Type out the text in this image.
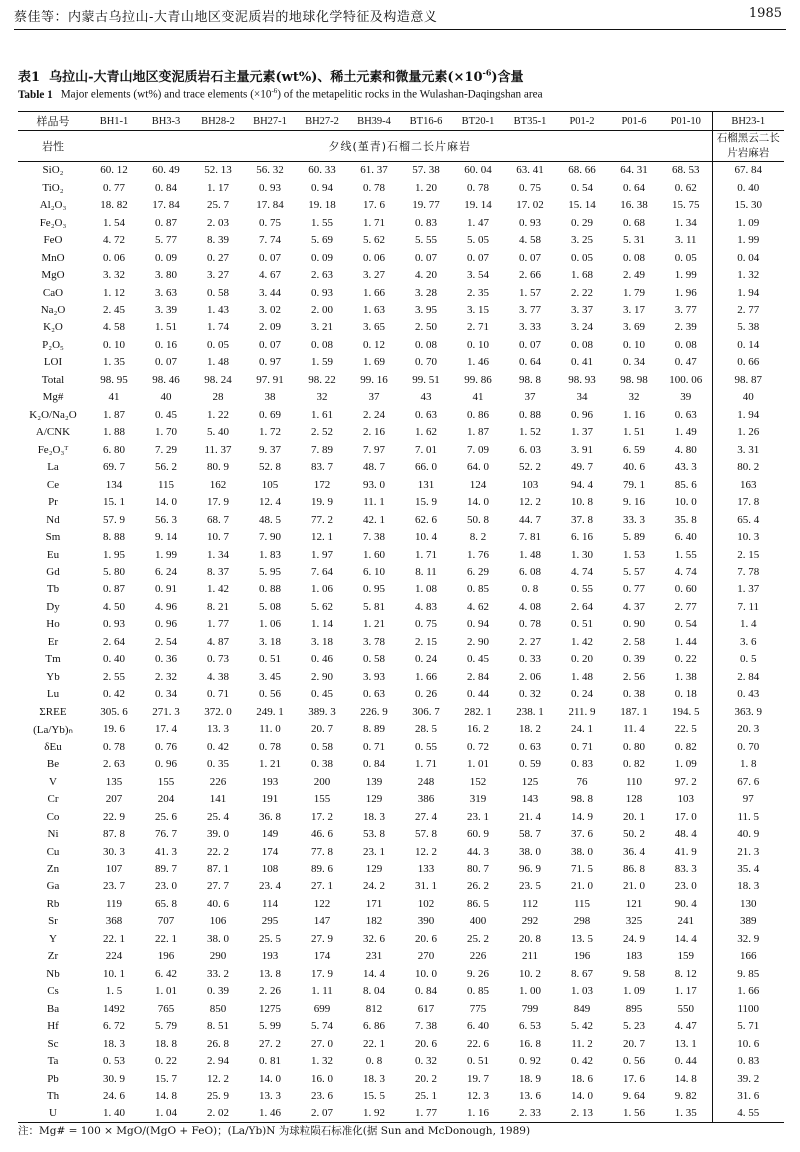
蔡佳等：内蒙古乌拉山-大青山地区变泥质岩的地球化学特征及构造意义	1985
表1 乌拉山-大青山地区变泥质岩石主量元素(wt%)、稀土元素和微量元素$(\times 10^{-6})$含量
Table 1 Major elements (wt%) and trace elements $(\times 10^{-6})$ of the metapelitic rocks in the Wulashan-Daqingshan area
样品号	BH1-1	BH3-3	BH28-2	BH27-1	BH27-2	BH39-4	BT16-6	BT20-1	BT35-1	P01-2	P01-6	P01-10	BH23-1
岩性	夕线(堇青)石榴二长片麻岩												石榴黑云二长片岩麻岩
SiO₂	60. 12	60. 49	52. 13	56. 32	60. 33	61. 37	57. 38	60. 04	63. 41	68. 66	64. 31	68. 53	67. 84
TiO₂	0. 77	0. 84	1. 17	0. 93	0. 94	0. 78	1. 20	0. 78	0. 75	0. 54	0. 64	0. 62	0. 40
Al₂O₃	18. 82	17. 84	25. 7	17. 84	19. 18	17. 6	19. 77	19. 14	17. 02	15. 14	16. 38	15. 75	15. 30
Fe₂O₃	1. 54	0. 87	2. 03	0. 75	1. 55	1. 71	0. 83	1. 47	0. 93	0. 29	0. 68	1. 34	1. 09
FeO	4. 72	5. 77	8. 39	7. 74	5. 69	5. 62	5. 55	5. 05	4. 58	3. 25	5. 31	3. 11	1. 99
MnO	0. 06	0. 09	0. 27	0. 07	0. 09	0. 06	0. 07	0. 07	0. 07	0. 05	0. 08	0. 05	0. 04
MgO	3. 32	3. 80	3. 27	4. 67	2. 63	3. 27	4. 20	3. 54	2. 66	1. 68	2. 49	1. 99	1. 32
CaO	1. 12	3. 63	0. 58	3. 44	0. 93	1. 66	3. 28	2. 35	1. 57	2. 22	1. 79	1. 96	1. 94
Na₂O	2. 45	3. 39	1. 43	3. 02	2. 00	1. 63	3. 95	3. 15	3. 77	3. 37	3. 17	3. 77	2. 77
K₂O	4. 58	1. 51	1. 74	2. 09	3. 21	3. 65	2. 50	2. 71	3. 33	3. 24	3. 69	2. 39	5. 38
P₂O₅	0. 10	0. 16	0. 05	0. 07	0. 08	0. 12	0. 08	0. 10	0. 07	0. 08	0. 10	0. 08	0. 14
LOI	1. 35	0. 07	1. 48	0. 97	1. 59	1. 69	0. 70	1. 46	0. 64	0. 41	0. 34	0. 47	0. 66
Total	98. 95	98. 46	98. 24	97. 91	98. 22	99. 16	99. 51	99. 86	98. 8	98. 93	98. 98	100. 06	98. 87
Mg#	41	40	28	38	32	37	43	41	37	34	32	39	40
K₂O/Na₂O	1. 87	0. 45	1. 22	0. 69	1. 61	2. 24	0. 63	0. 86	0. 88	0. 96	1. 16	0. 63	1. 94
A/CNK	1. 88	1. 70	5. 40	1. 72	2. 52	2. 16	1. 62	1. 87	1. 52	1. 37	1. 51	1. 49	1. 26
Fe₂O₃ᵀ	6. 80	7. 29	11. 37	9. 37	7. 89	7. 97	7. 01	7. 09	6. 03	3. 91	6. 59	4. 80	3. 31
La	69. 7	56. 2	80. 9	52. 8	83. 7	48. 7	66. 0	64. 0	52. 2	49. 7	40. 6	43. 3	80. 2
Ce	134	115	162	105	172	93. 0	131	124	103	94. 4	79. 1	85. 6	163
Pr	15. 1	14. 0	17. 9	12. 4	19. 9	11. 1	15. 9	14. 0	12. 2	10. 8	9. 16	10. 0	17. 8
Nd	57. 9	56. 3	68. 7	48. 5	77. 2	42. 1	62. 6	50. 8	44. 7	37. 8	33. 3	35. 8	65. 4
Sm	8. 88	9. 14	10. 7	7. 90	12. 1	7. 38	10. 4	8. 2	7. 81	6. 16	5. 89	6. 40	10. 3
Eu	1. 95	1. 99	1. 34	1. 83	1. 97	1. 60	1. 71	1. 76	1. 48	1. 30	1. 53	1. 55	2. 15
Gd	5. 80	6. 24	8. 37	5. 95	7. 64	6. 10	8. 11	6. 29	6. 08	4. 74	5. 57	4. 74	7. 78
Tb	0. 87	0. 91	1. 42	0. 88	1. 06	0. 95	1. 08	0. 85	0. 8	0. 55	0. 77	0. 60	1. 37
Dy	4. 50	4. 96	8. 21	5. 08	5. 62	5. 81	4. 83	4. 62	4. 08	2. 64	4. 37	2. 77	7. 11
Ho	0. 93	0. 96	1. 77	1. 06	1. 14	1. 21	0. 75	0. 94	0. 78	0. 51	0. 90	0. 54	1. 4
Er	2. 64	2. 54	4. 87	3. 18	3. 18	3. 78	2. 15	2. 90	2. 27	1. 42	2. 58	1. 44	3. 6
Tm	0. 40	0. 36	0. 73	0. 51	0. 46	0. 58	0. 24	0. 45	0. 33	0. 20	0. 39	0. 22	0. 5
Yb	2. 55	2. 32	4. 38	3. 45	2. 90	3. 93	1. 66	2. 84	2. 06	1. 48	2. 56	1. 38	2. 84
Lu	0. 42	0. 34	0. 71	0. 56	0. 45	0. 63	0. 26	0. 44	0. 32	0. 24	0. 38	0. 18	0. 43
ΣREE	305. 6	271. 3	372. 0	249. 1	389. 3	226. 9	306. 7	282. 1	238. 1	211. 9	187. 1	194. 5	363. 9
(La/Yb)ₙ	19. 6	17. 4	13. 3	11. 0	20. 7	8. 89	28. 5	16. 2	18. 2	24. 1	11. 4	22. 5	20. 3
δEu	0. 78	0. 76	0. 42	0. 78	0. 58	0. 71	0. 55	0. 72	0. 63	0. 71	0. 80	0. 82	0. 70
Be	2. 63	0. 96	0. 35	1. 21	0. 38	0. 84	1. 71	1. 01	0. 59	0. 83	0. 82	1. 09	1. 8
V	135	155	226	193	200	139	248	152	125	76	110	97. 2	67. 6
Cr	207	204	141	191	155	129	386	319	143	98. 8	128	103	97
Co	22. 9	25. 6	25. 4	36. 8	17. 2	18. 3	27. 4	23. 1	21. 4	14. 9	20. 1	17. 0	11. 5
Ni	87. 8	76. 7	39. 0	149	46. 6	53. 8	57. 8	60. 9	58. 7	37. 6	50. 2	48. 4	40. 9
Cu	30. 3	41. 3	22. 2	174	77. 8	23. 1	12. 2	44. 3	38. 0	38. 0	36. 4	41. 9	21. 3
Zn	107	89. 7	87. 1	108	89. 6	129	133	80. 7	96. 9	71. 5	86. 8	83. 3	35. 4
Ga	23. 7	23. 0	27. 7	23. 4	27. 1	24. 2	31. 1	26. 2	23. 5	21. 0	21. 0	23. 0	18. 3
Rb	119	65. 8	40. 6	114	122	171	102	86. 5	112	115	121	90. 4	130
Sr	368	707	106	295	147	182	390	400	292	298	325	241	389
Y	22. 1	22. 1	38. 0	25. 5	27. 9	32. 6	20. 6	25. 2	20. 8	13. 5	24. 9	14. 4	32. 9
Zr	224	196	290	193	174	231	270	226	211	196	183	159	166
Nb	10. 1	6. 42	33. 2	13. 8	17. 9	14. 4	10. 0	9. 26	10. 2	8. 67	9. 58	8. 12	9. 85
Cs	1. 5	1. 01	0. 39	2. 26	1. 11	8. 04	0. 84	0. 85	1. 00	1. 03	1. 09	1. 17	1. 66
Ba	1492	765	850	1275	699	812	617	775	799	849	895	550	1100
Hf	6. 72	5. 79	8. 51	5. 99	5. 74	6. 86	7. 38	6. 40	6. 53	5. 42	5. 23	4. 47	5. 71
Sc	18. 3	18. 8	26. 8	27. 2	27. 0	22. 1	20. 6	22. 6	16. 8	11. 2	20. 7	13. 1	10. 6
Ta	0. 53	0. 22	2. 94	0. 81	1. 32	0. 8	0. 32	0. 51	0. 92	0. 42	0. 56	0. 44	0. 83
Pb	30. 9	15. 7	12. 2	14. 0	16. 0	18. 3	20. 2	19. 7	18. 9	18. 6	17. 6	14. 8	39. 2
Th	24. 6	14. 8	25. 9	13. 3	23. 6	15. 5	25. 1	12. 3	13. 6	14. 0	9. 64	9. 82	31. 6
U	1. 40	1. 04	2. 02	1. 46	2. 07	1. 92	1. 77	1. 16	2. 33	2. 13	1. 56	1. 35	4. 55
注：Mg# = 100 × MgO/(MgO + FeO)；(La/Yb)N 为球粒陨石标准化(据 Sun and McDonough, 1989)
